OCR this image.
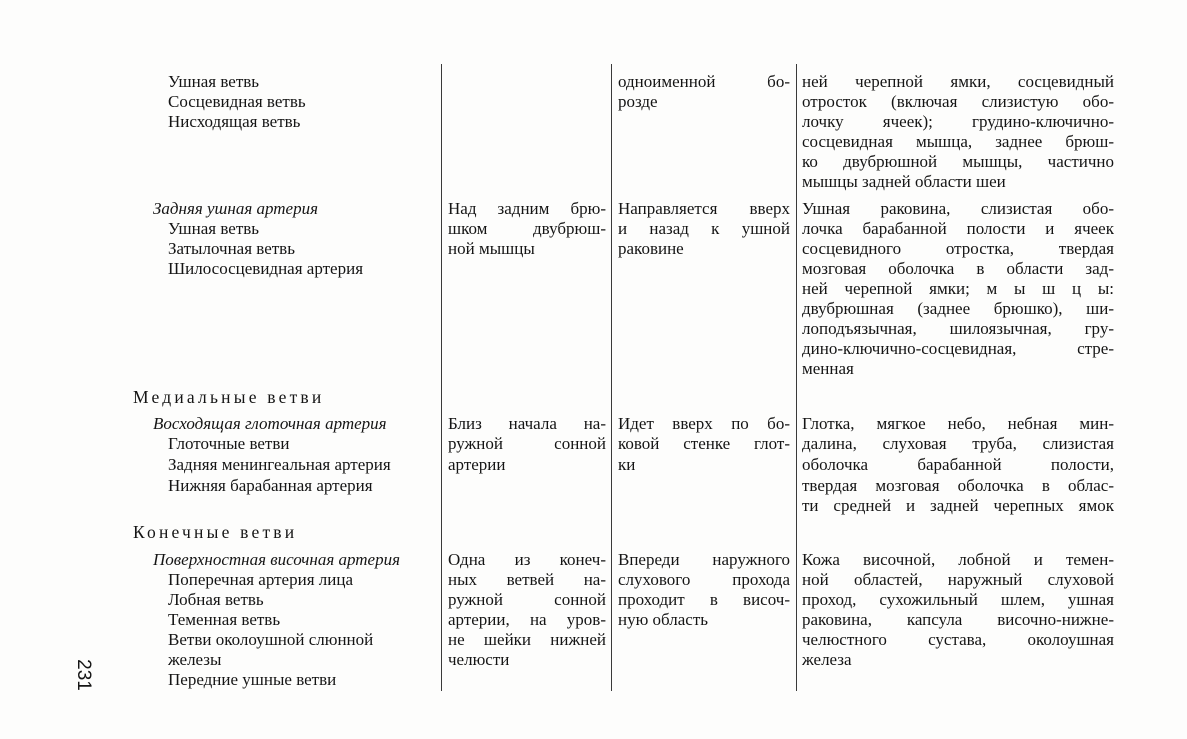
Ушная ветвь
Сосцевидная ветвь
Нисходящая ветвь
одноименной бо-
розде
ней черепной ямки, сосцевидный
отросток (включая слизистую обо-
лочку ячеек); грудино-ключично-
сосцевидная мышца, заднее брюш-
ко двубрюшной мышцы, частично
мышцы задней области шеи
Задняя ушная артерия
Ушная ветвь
Затылочная ветвь
Шилососцевидная артерия
Над задним брю-
шком двубрюш-
ной мышцы
Направляется вверх
и назад к ушной
раковине
Ушная раковина, слизистая обо-
лочка барабанной полости и ячеек
сосцевидного отростка, твердая
мозговая оболочка в области зад-
ней черепной ямки; м ы ш ц ы:
двубрюшная (заднее брюшко), ши-
лоподъязычная, шилоязычная, гру-
дино-ключично-сосцевидная, стре-
менная
Медиальные ветви
Восходящая глоточная артерия
Глоточные ветви
Задняя менингеальная артерия
Нижняя барабанная артерия
Близ начала на-
ружной сонной
артерии
Идет вверх по бо-
ковой стенке глот-
ки
Глотка, мягкое небо, небная мин-
далина, слуховая труба, слизистая
оболочка барабанной полости,
твердая мозговая оболочка в облас-
ти средней и задней черепных ямок
Конечные ветви
Поверхностная височная артерия
Поперечная артерия лица
Лобная ветвь
Теменная ветвь
Ветви околоушной слюнной
железы
Передние ушные ветви
Одна из конеч-
ных ветвей на-
ружной сонной
артерии, на уров-
не шейки нижней
челюсти
Впереди наружного
слухового прохода
проходит в височ-
ную область
Кожа височной, лобной и темен-
ной областей, наружный слуховой
проход, сухожильный шлем, ушная
раковина, капсула височно-нижне-
челюстного сустава, околоушная
железа
231
